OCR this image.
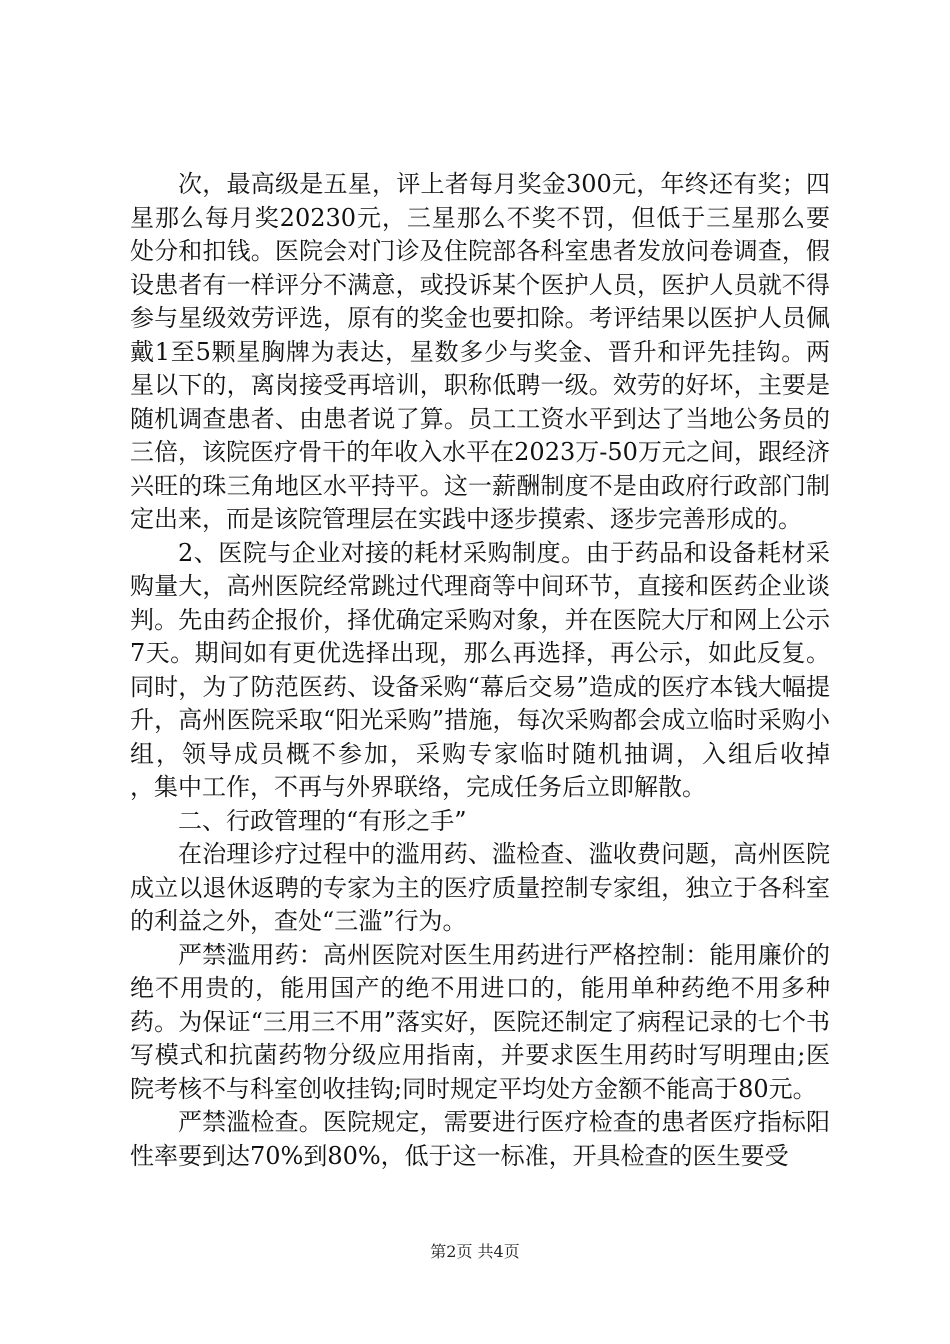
次，最高级是五星，评上者每月奖金300元，年终还有奖；四星那么每月奖20230元，三星那么不奖不罚，但低于三星那么要处分和扣钱。医院会对门诊及住院部各科室患者发放问卷调查，假设患者有一样评分不满意，或投诉某个医护人员，医护人员就不得参与星级效劳评选，原有的奖金也要扣除。考评结果以医护人员佩戴1至5颗星胸牌为表达，星数多少与奖金、晋升和评先挂钩。两星以下的，离岗接受再培训，职称低聘一级。效劳的好坏，主要是随机调查患者、由患者说了算。员工工资水平到达了当地公务员的三倍，该院医疗骨干的年收入水平在2023万-50万元之间，跟经济兴旺的珠三角地区水平持平。这一薪酬制度不是由政府行政部门制定出来，而是该院管理层在实践中逐步摸索、逐步完善形成的。

2、医院与企业对接的耗材采购制度。由于药品和设备耗材采购量大，高州医院经常跳过代理商等中间环节，直接和医药企业谈判。先由药企报价，择优确定采购对象，并在医院大厅和网上公示7天。期间如有更优选择出现，那么再选择，再公示，如此反复。同时，为了防范医药、设备采购“幕后交易”造成的医疗本钱大幅提升，高州医院采取“阳光采购”措施，每次采购都会成立临时采购小组，领导成员概不参加，采购专家临时随机抽调，入组后收掉　　，集中工作，不再与外界联络，完成任务后立即解散。

二、行政管理的“有形之手”

在治理诊疗过程中的滥用药、滥检查、滥收费问题，高州医院成立以退休返聘的专家为主的医疗质量控制专家组，独立于各科室的利益之外，查处“三滥”行为。

严禁滥用药：高州医院对医生用药进行严格控制：能用廉价的绝不用贵的，能用国产的绝不用进口的，能用单种药绝不用多种药。为保证“三用三不用”落实好，医院还制定了病程记录的七个书写模式和抗菌药物分级应用指南，并要求医生用药时写明理由;医院考核不与科室创收挂钩;同时规定平均处方金额不能高于80元。

严禁滥检查。医院规定，需要进行医疗检查的患者医疗指标阳性率要到达70%到80%，低于这一标准，开具检查的医生要受

第2页 共4页
